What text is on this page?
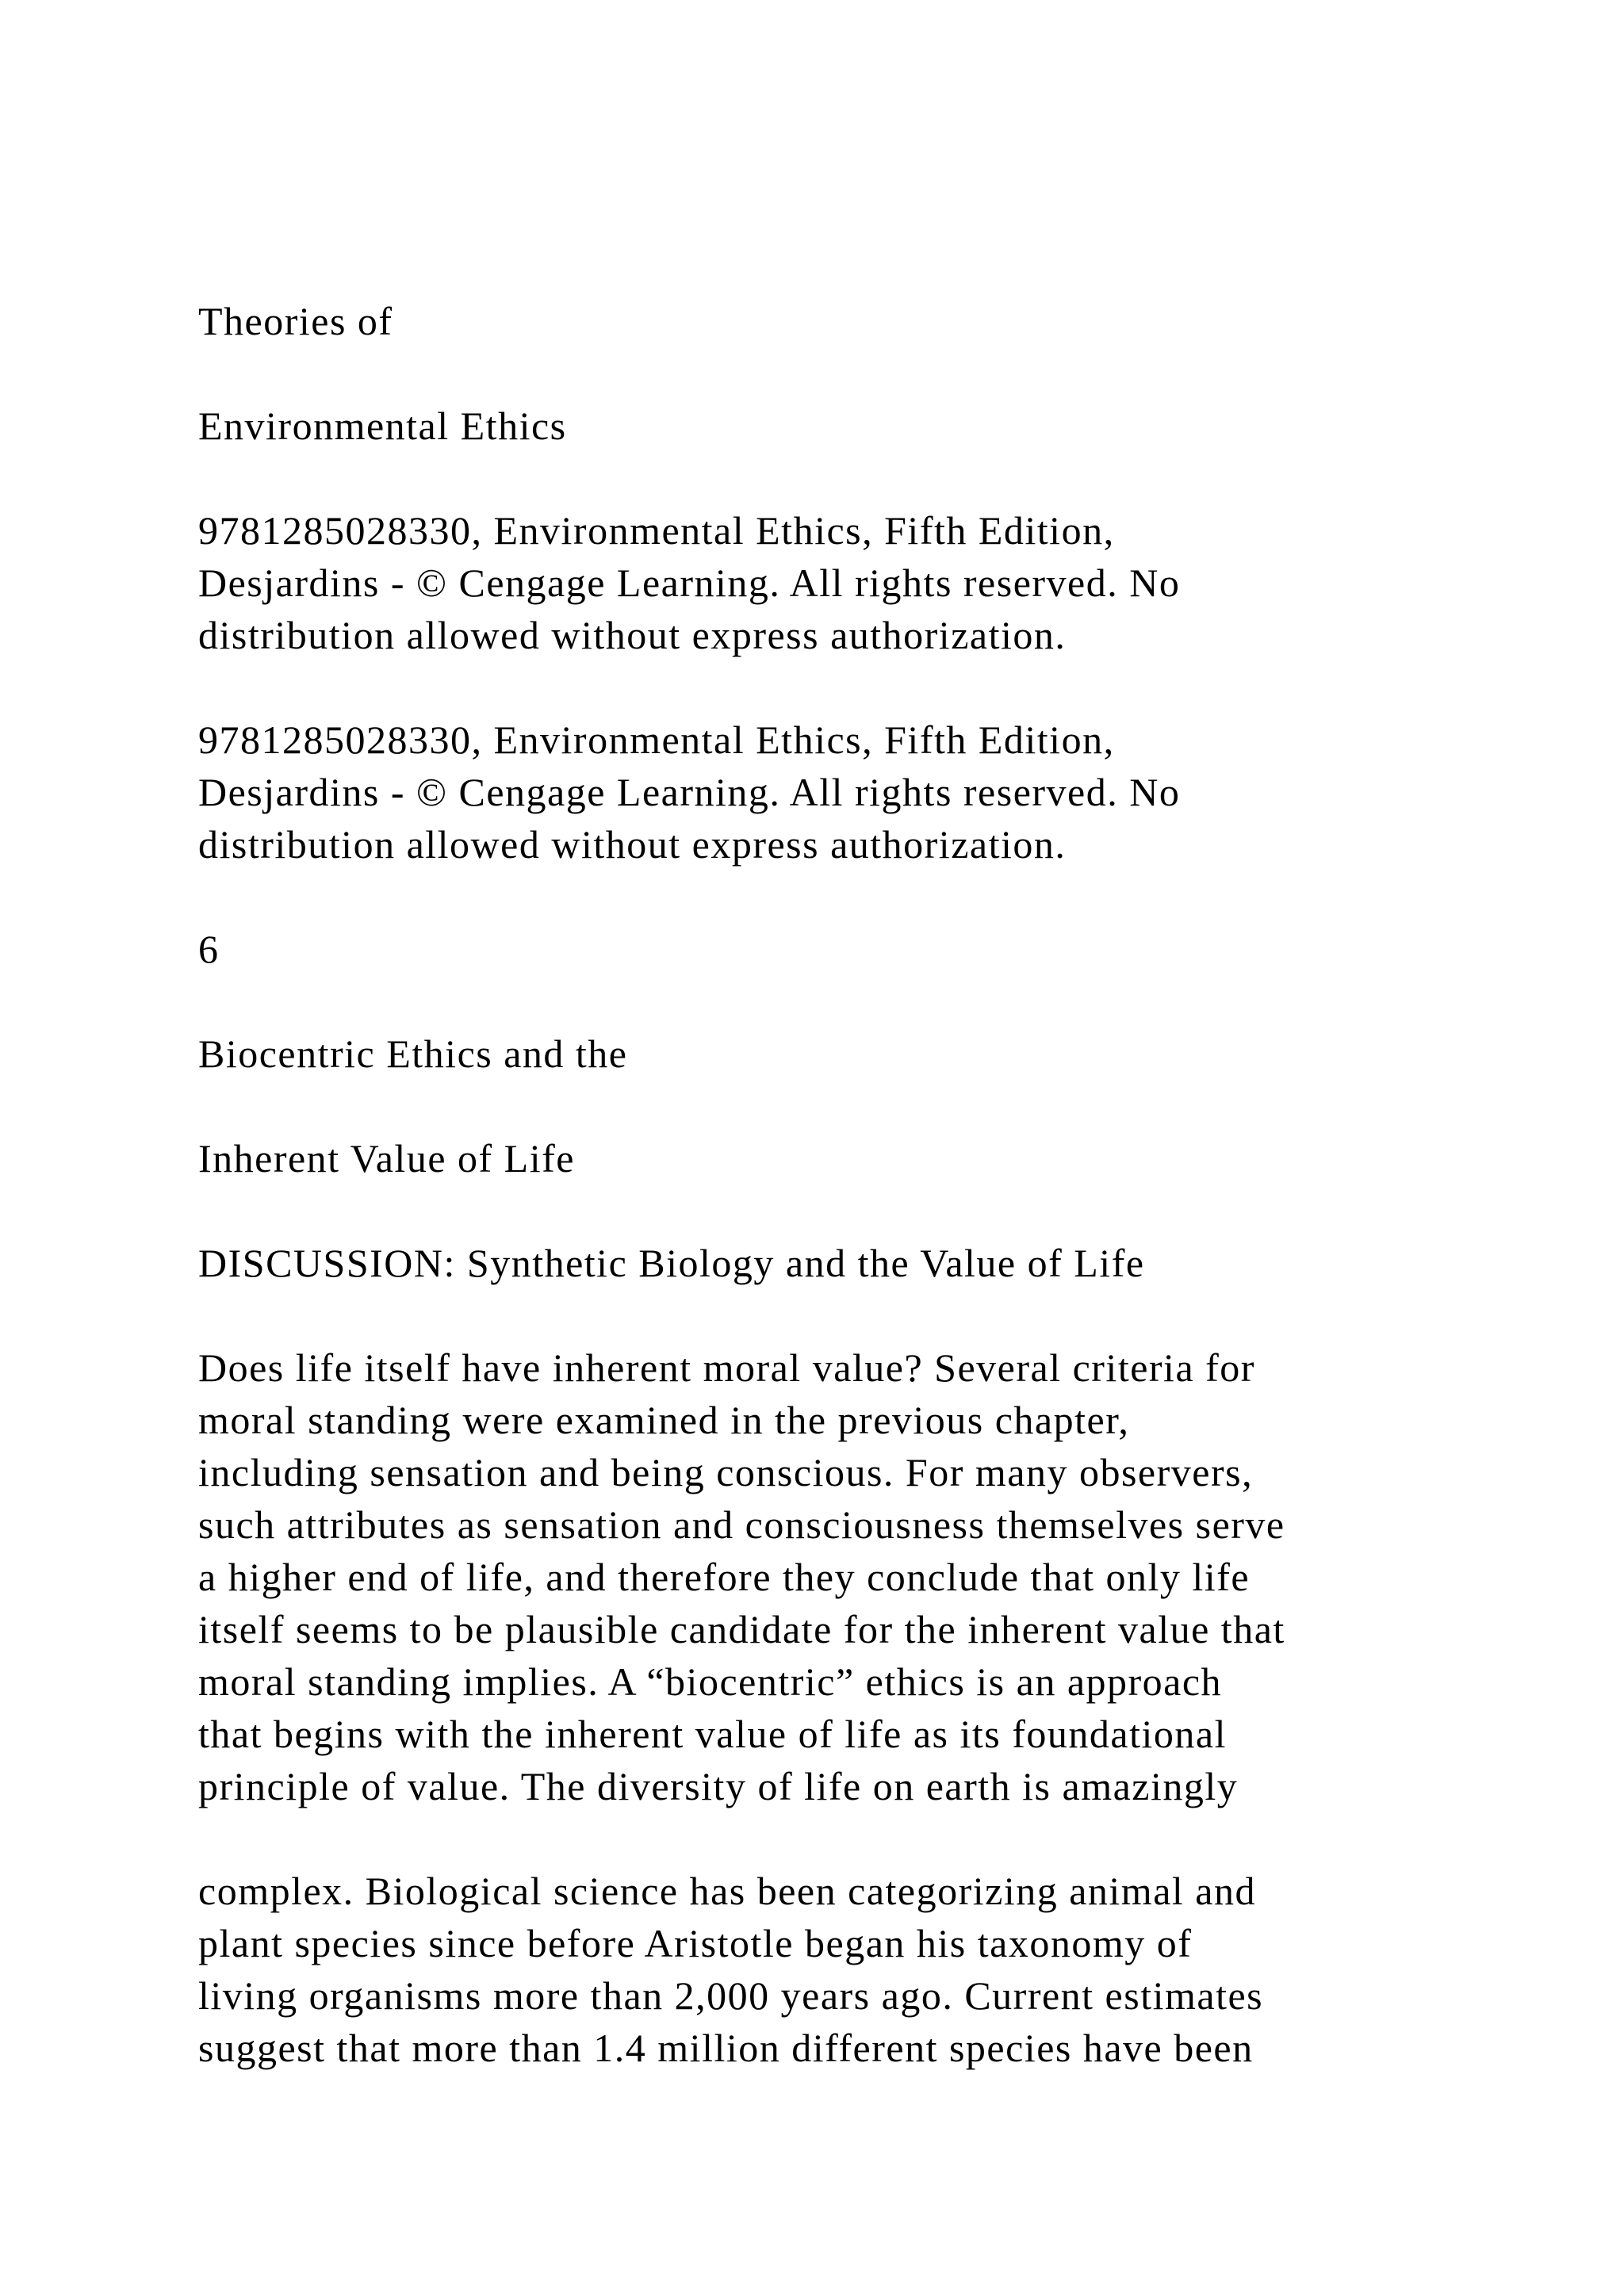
Theories of

Environmental Ethics

9781285028330, Environmental Ethics, Fifth Edition,
Desjardins - © Cengage Learning. All rights reserved. No
distribution allowed without express authorization.

9781285028330, Environmental Ethics, Fifth Edition,
Desjardins - © Cengage Learning. All rights reserved. No
distribution allowed without express authorization.

6

Biocentric Ethics and the

Inherent Value of Life

DISCUSSION: Synthetic Biology and the Value of Life

Does life itself have inherent moral value? Several criteria for
moral standing were examined in the previous chapter,
including sensation and being conscious. For many observers,
such attributes as sensation and consciousness themselves serve
a higher end of life, and therefore they conclude that only life
itself seems to be plausible candidate for the inherent value that
moral standing implies. A “biocentric” ethics is an approach
that begins with the inherent value of life as its foundational
principle of value. The diversity of life on earth is amazingly

complex. Biological science has been categorizing animal and
plant species since before Aristotle began his taxonomy of
living organisms more than 2,000 years ago. Current estimates
suggest that more than 1.4 million different species have been
